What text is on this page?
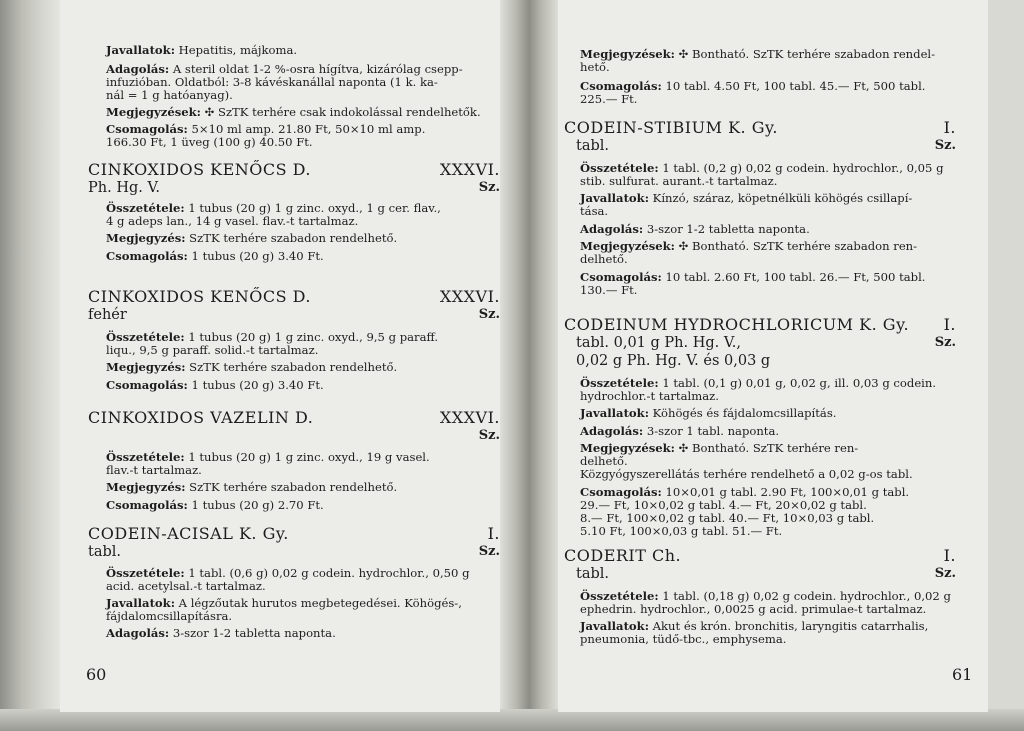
Javallatok: Hepatitis, májkoma.
Adagolás: A steril oldat 1-2 %-osra hígítva, kizárólag csepp-
infuzióban. Oldatból: 3-8 kávéskanállal naponta (1 k. ka-
nál = 1 g hatóanyag).
Megjegyzések: ✣ SzTK terhére csak indokolással rendelhetők.
Csomagolás: 5×10 ml amp. 21.80 Ft, 50×10 ml amp.
166.30 Ft, 1 üveg (100 g) 40.50 Ft.
CINKOXIDOS KENŐCS D.	XXXVI.
Ph. Hg. V.	Sz.
Összetétele: 1 tubus (20 g) 1 g zinc. oxyd., 1 g cer. flav.,
4 g adeps lan., 14 g vasel. flav.-t tartalmaz.
Megjegyzés: SzTK terhére szabadon rendelhető.
Csomagolás: 1 tubus (20 g) 3.40 Ft.
CINKOXIDOS KENŐCS D.	XXXVI.
fehér	Sz.
Összetétele: 1 tubus (20 g) 1 g zinc. oxyd., 9,5 g paraff.
liqu., 9,5 g paraff. solid.-t tartalmaz.
Megjegyzés: SzTK terhére szabadon rendelhető.
Csomagolás: 1 tubus (20 g) 3.40 Ft.
CINKOXIDOS VAZELIN D.	XXXVI.
Sz.
Összetétele: 1 tubus (20 g) 1 g zinc. oxyd., 19 g vasel.
flav.-t tartalmaz.
Megjegyzés: SzTK terhére szabadon rendelhető.
Csomagolás: 1 tubus (20 g) 2.70 Ft.
CODEIN-ACISAL K. Gy.	I.
tabl.	Sz.
Összetétele: 1 tabl. (0,6 g) 0,02 g codein. hydrochlor., 0,50 g
acid. acetylsal.-t tartalmaz.
Javallatok: A légzőutak hurutos megbetegedései. Köhögés-,
fájdalomcsillapításra.
Adagolás: 3-szor 1-2 tabletta naponta.
60
Megjegyzések: ✣ Bontható. SzTK terhére szabadon rendel-
hető.
Csomagolás: 10 tabl. 4.50 Ft, 100 tabl. 45.— Ft, 500 tabl.
225.— Ft.
CODEIN-STIBIUM K. Gy.	I.
tabl.	Sz.
Összetétele: 1 tabl. (0,2 g) 0,02 g codein. hydrochlor., 0,05 g
stib. sulfurat. aurant.-t tartalmaz.
Javallatok: Kínzó, száraz, köpetnélküli köhögés csillapí-
tása.
Adagolás: 3-szor 1-2 tabletta naponta.
Megjegyzések: ✣ Bontható. SzTK terhére szabadon ren-
delhető.
Csomagolás: 10 tabl. 2.60 Ft, 100 tabl. 26.— Ft, 500 tabl.
130.— Ft.
CODEINUM HYDROCHLORICUM K. Gy. I.
tabl. 0,01 g Ph. Hg. V.,	Sz.
0,02 g Ph. Hg. V. és 0,03 g
Összetétele: 1 tabl. (0,1 g) 0,01 g, 0,02 g, ill. 0,03 g codein.
hydrochlor.-t tartalmaz.
Javallatok: Köhögés és fájdalomcsillapítás.
Adagolás: 3-szor 1 tabl. naponta.
Megjegyzések: ✣ Bontható. SzTK terhére ren-
delhető.
Közgyógyszerellátás terhére rendelhető a 0,02 g-os tabl.
Csomagolás: 10×0,01 g tabl. 2.90 Ft, 100×0,01 g tabl.
29.— Ft, 10×0,02 g tabl. 4.— Ft, 20×0,02 g tabl.
8.— Ft, 100×0,02 g tabl. 40.— Ft, 10×0,03 g tabl.
5.10 Ft, 100×0,03 g tabl. 51.— Ft.
CODERIT Ch.	I.
tabl.	Sz.
Összetétele: 1 tabl. (0,18 g) 0,02 g codein. hydrochlor., 0,02 g
ephedrin. hydrochlor., 0,0025 g acid. primulae-t tartalmaz.
Javallatok: Akut és krón. bronchitis, laryngitis catarrhalis,
pneumonia, tüdő-tbc., emphysema.
61
